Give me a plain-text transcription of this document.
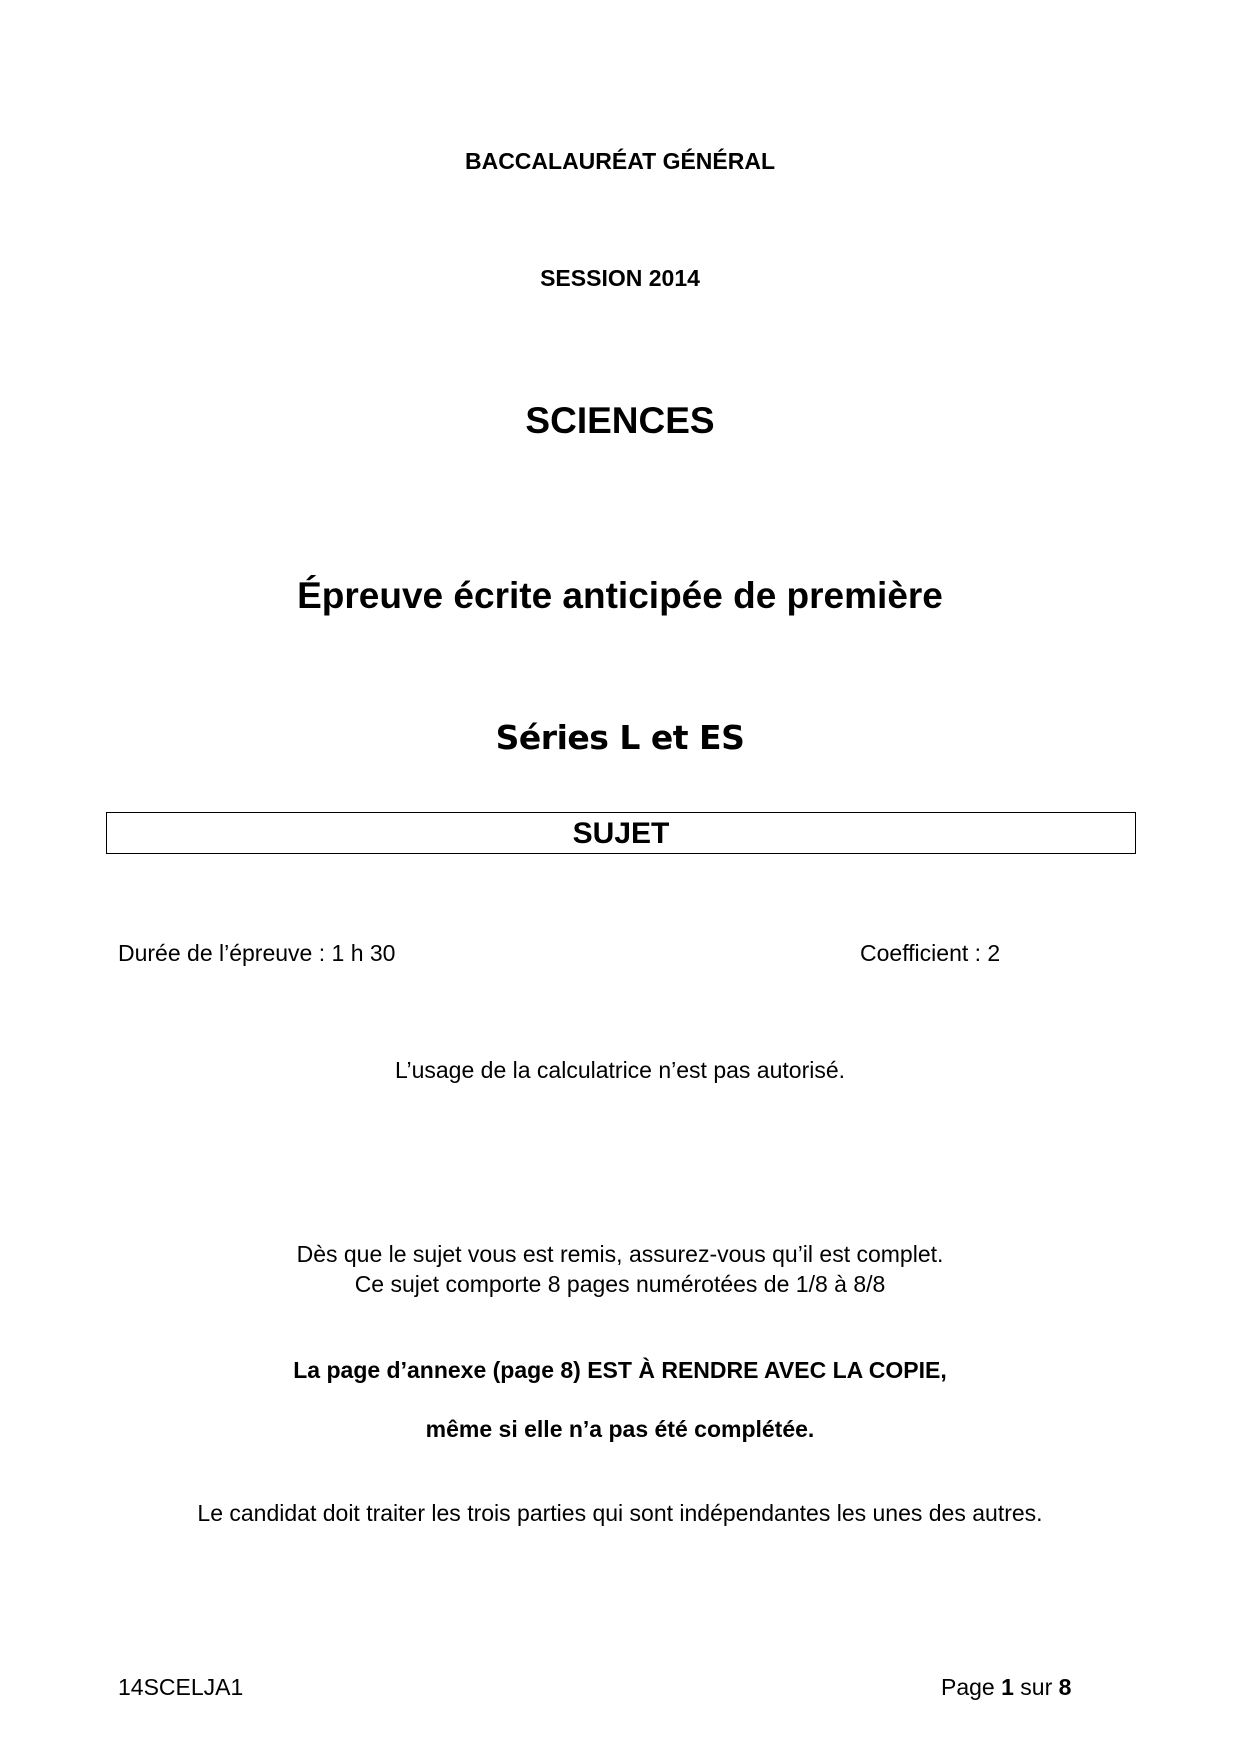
BACCALAURÉAT GÉNÉRAL
SESSION 2014
SCIENCES
Épreuve écrite anticipée de première
Séries L et ES
SUJET
Durée de l’épreuve : 1 h 30	Coefficient : 2
L’usage de la calculatrice n’est pas autorisé.
Dès que le sujet vous est remis, assurez-vous qu’il est complet.
Ce sujet comporte 8 pages numérotées de 1/8 à 8/8
La page d’annexe (page 8) EST À RENDRE AVEC LA COPIE,
même si elle n’a pas été complétée.
Le candidat doit traiter les trois parties qui sont indépendantes les unes des autres.
14SCELJA1	Page 1 sur 8
